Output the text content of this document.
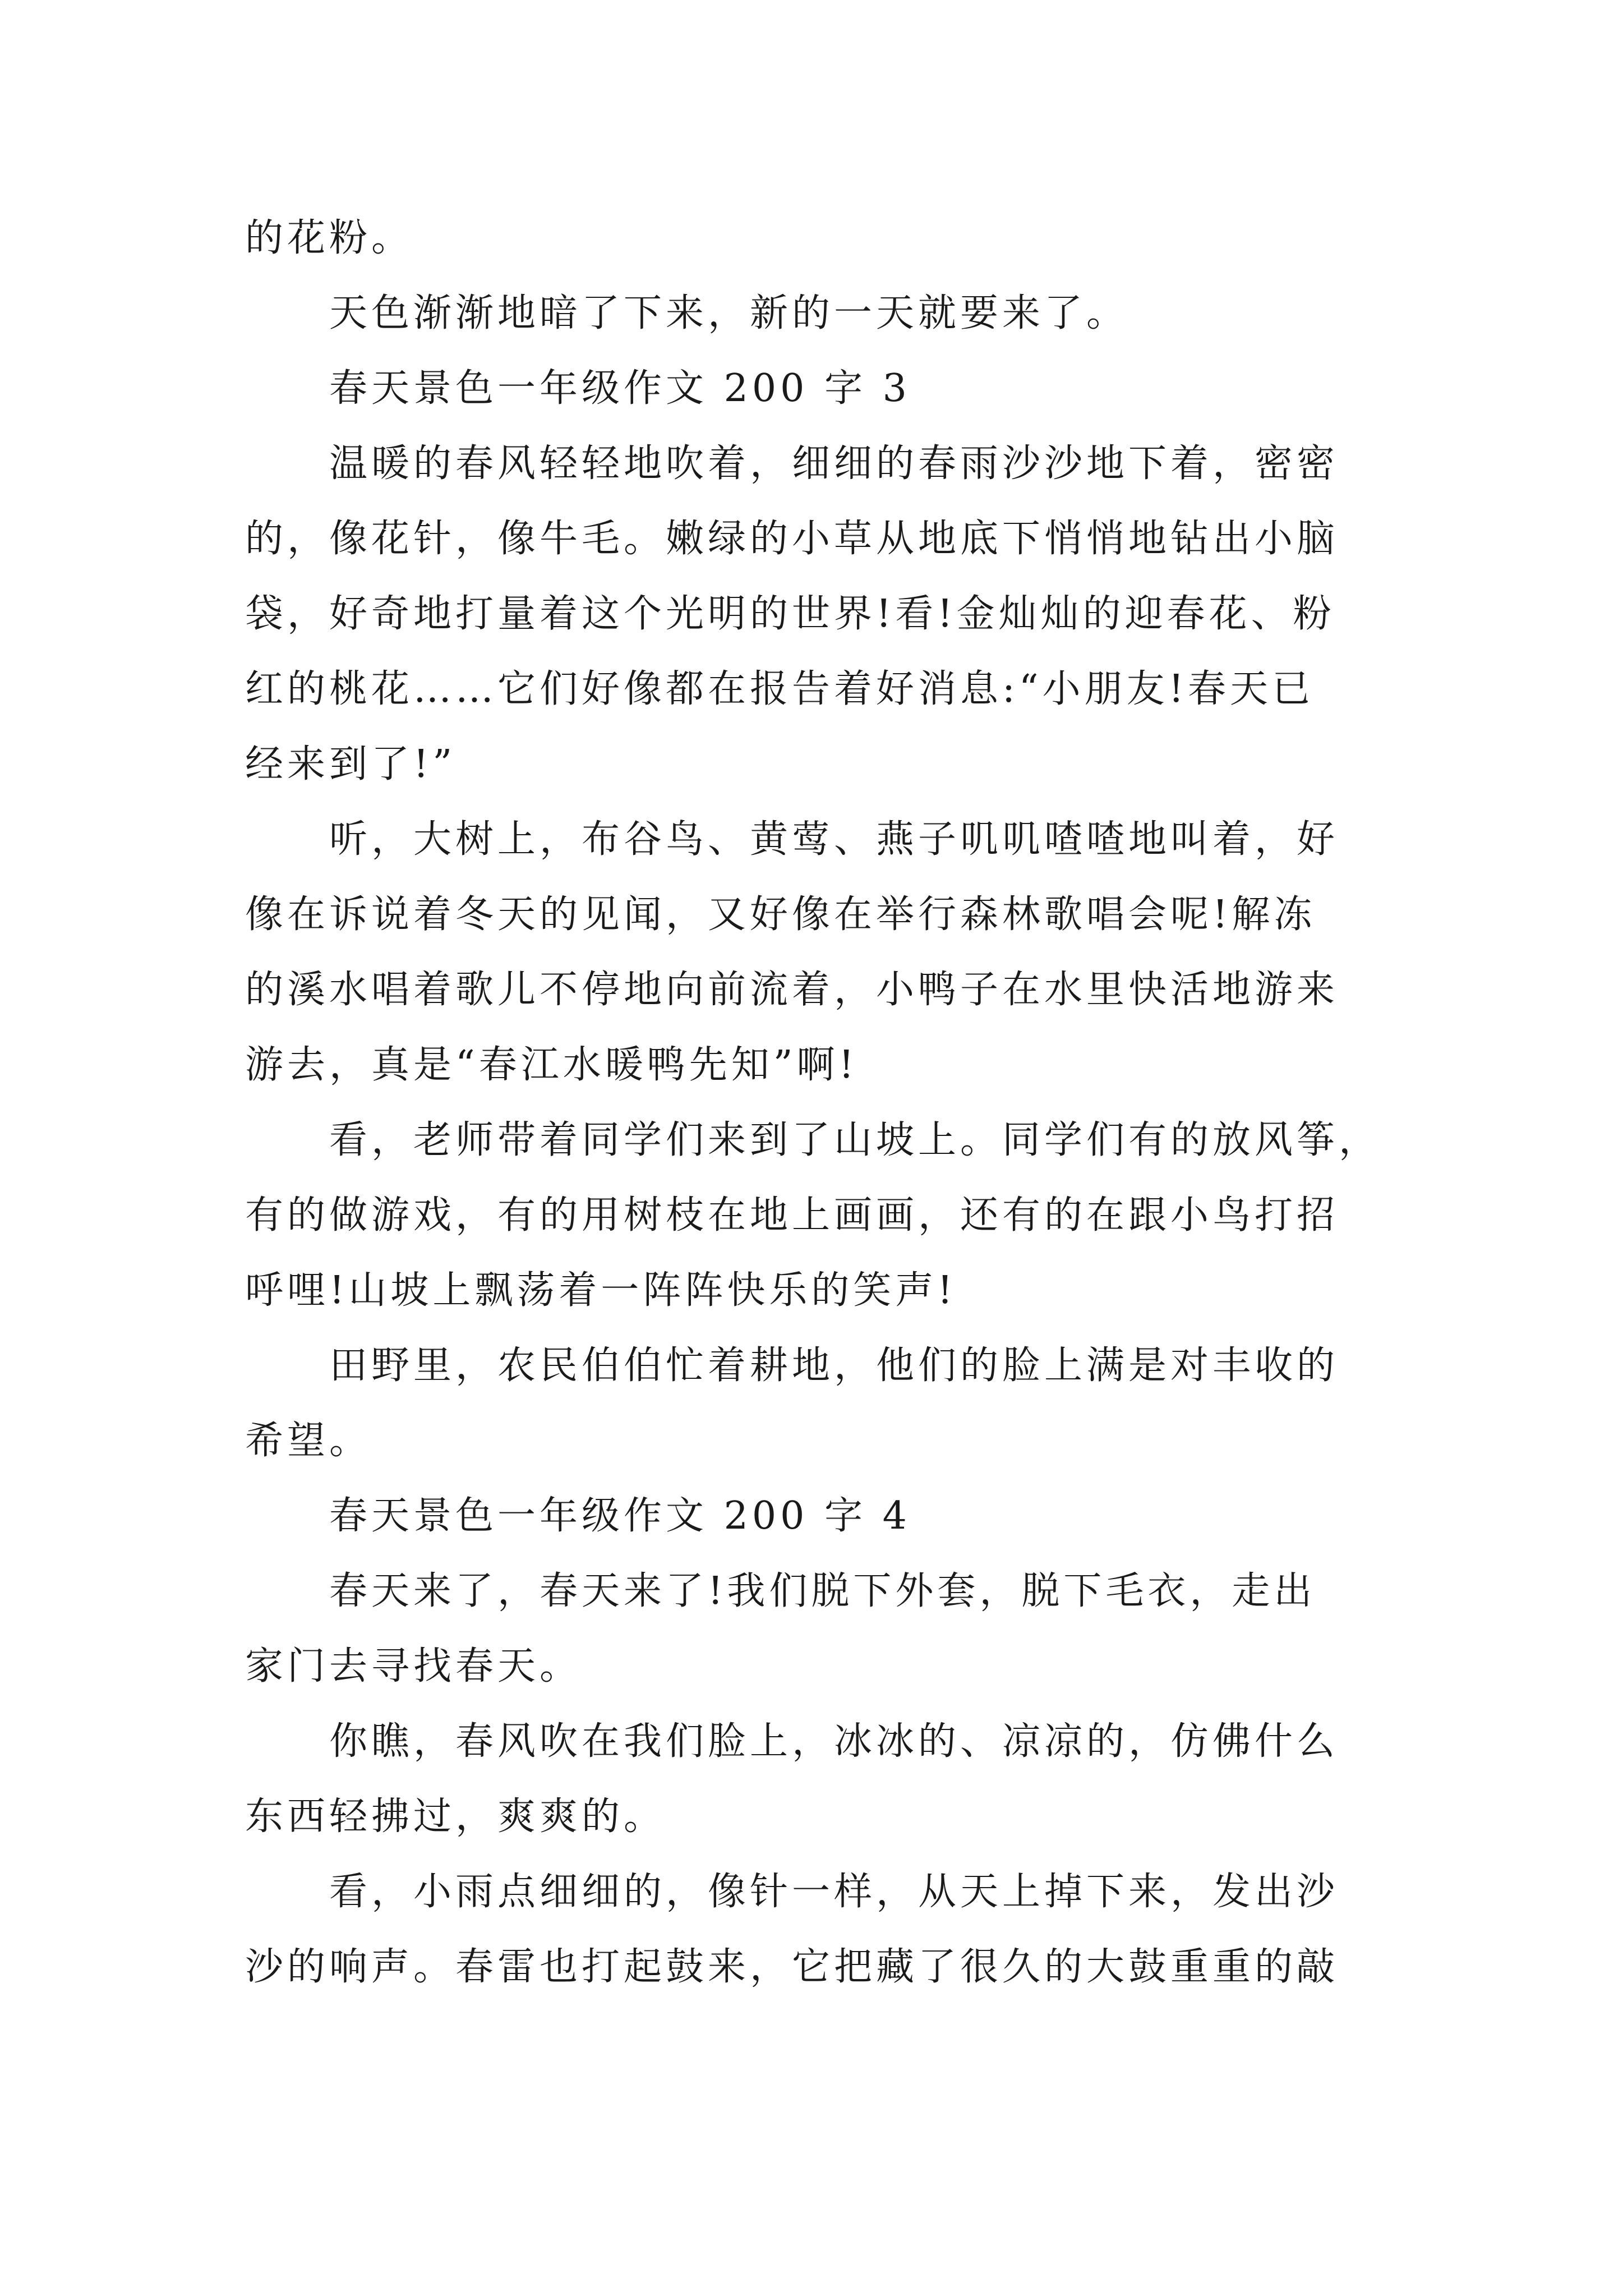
的花粉。
天色渐渐地暗了下来，新的一天就要来了。
春天景色一年级作文 200 字 3
温暖的春风轻轻地吹着，细细的春雨沙沙地下着，密密
的，像花针，像牛毛。嫩绿的小草从地底下悄悄地钻出小脑
袋，好奇地打量着这个光明的世界!看!金灿灿的迎春花、粉
红的桃花……它们好像都在报告着好消息:“小朋友!春天已
经来到了!”
听，大树上，布谷鸟、黄莺、燕子叽叽喳喳地叫着，好
像在诉说着冬天的见闻，又好像在举行森林歌唱会呢!解冻
的溪水唱着歌儿不停地向前流着，小鸭子在水里快活地游来
游去，真是“春江水暖鸭先知”啊!
看，老师带着同学们来到了山坡上。同学们有的放风筝，
有的做游戏，有的用树枝在地上画画，还有的在跟小鸟打招
呼哩!山坡上飘荡着一阵阵快乐的笑声!
田野里，农民伯伯忙着耕地，他们的脸上满是对丰收的
希望。
春天景色一年级作文 200 字 4
春天来了，春天来了!我们脱下外套，脱下毛衣，走出
家门去寻找春天。
你瞧，春风吹在我们脸上，冰冰的、凉凉的，仿佛什么
东西轻拂过，爽爽的。
看，小雨点细细的，像针一样，从天上掉下来，发出沙
沙的响声。春雷也打起鼓来，它把藏了很久的大鼓重重的敲
